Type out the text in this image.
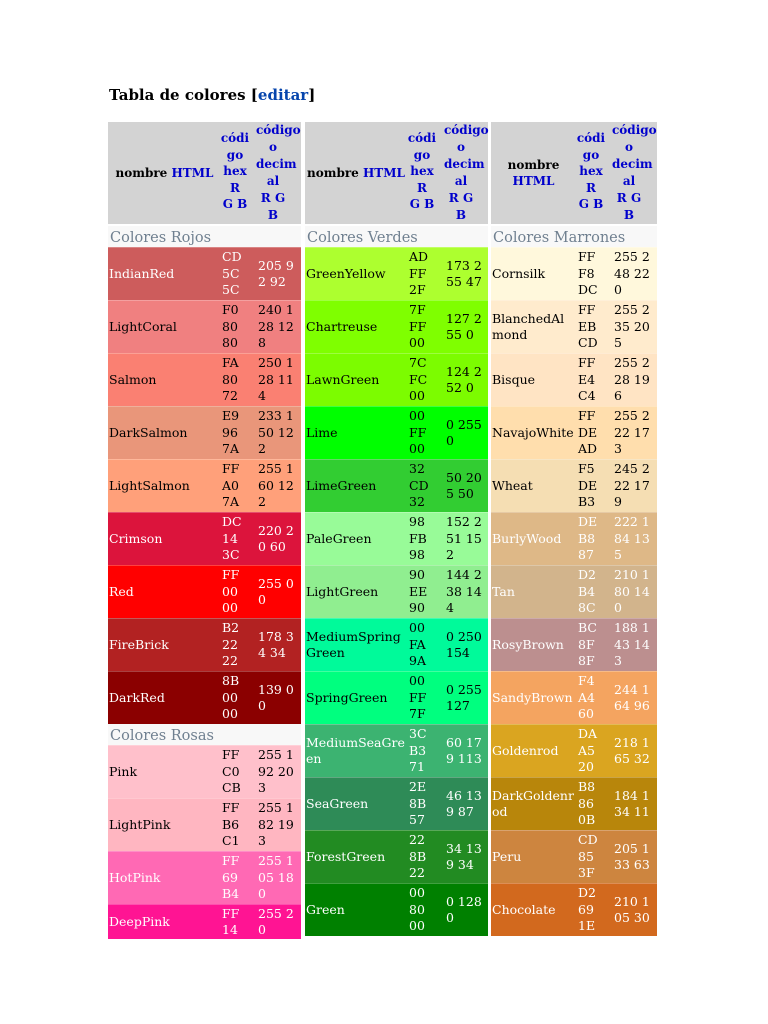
Tabla de colores [editar]
nombre HTML
códi
go
hex
R
G B
código
o
decim
al
R G
B
Colores Rojos
IndianRed
CD
5C
5C
205 92 92
LightCoral
F0
80
80
240 128 128
Salmon
FA
80
72
250 128 114
DarkSalmon
E9
96
7A
233 150 122
LightSalmon
FF
A0
7A
255 160 122
Crimson
DC
14
3C
220 20 60
Red
FF
00
00
255 0 0
FireBrick
B2
22
22
178 34 34
DarkRed
8B
00
00
139 0 0
Colores Rosas
Pink
FF
C0
CB
255 192 203
LightPink
FF
B6
C1
255 182 193
HotPink
FF
69
B4
255 105 180
DeepPink
FF
14
255 20
nombre HTML
códi
go
hex
R
G B
código
o
decim
al
R G
B
Colores Verdes
GreenYellow
AD
FF
2F
173 255 47
Chartreuse
7F
FF
00
127 255 0
LawnGreen
7C
FC
00
124 252 0
Lime
00
FF
00
0 255 0
LimeGreen
32
CD
32
50 205 50
PaleGreen
98
FB
98
152 251 152
LightGreen
90
EE
90
144 238 144
MediumSpringGreen
00
FA
9A
0 250 154
SpringGreen
00
FF
7F
0 255 127
MediumSeaGreen
3C
B3
71
60 179 113
SeaGreen
2E
8B
57
46 139 87
ForestGreen
22
8B
22
34 139 34
Green
00
80
00
0 128 0
nombre HTML
códi
go
hex
R
G B
código
o
decim
al
R G
B
Colores Marrones
Cornsilk
FF
F8
DC
255 248 220
BlanchedAlmond
FF
EB
CD
255 235 205
Bisque
FF
E4
C4
255 228 196
NavajoWhite
FF
DE
AD
255 222 173
Wheat
F5
DE
B3
245 222 179
BurlyWood
DE
B8
87
222 184 135
Tan
D2
B4
8C
210 180 140
RosyBrown
BC
8F
8F
188 143 143
SandyBrown
F4
A4
60
244 164 96
Goldenrod
DA
A5
20
218 165 32
DarkGoldenrod
B8
86
0B
184 134 11
Peru
CD
85
3F
205 133 63
Chocolate
D2
69
1E
210 105 30
